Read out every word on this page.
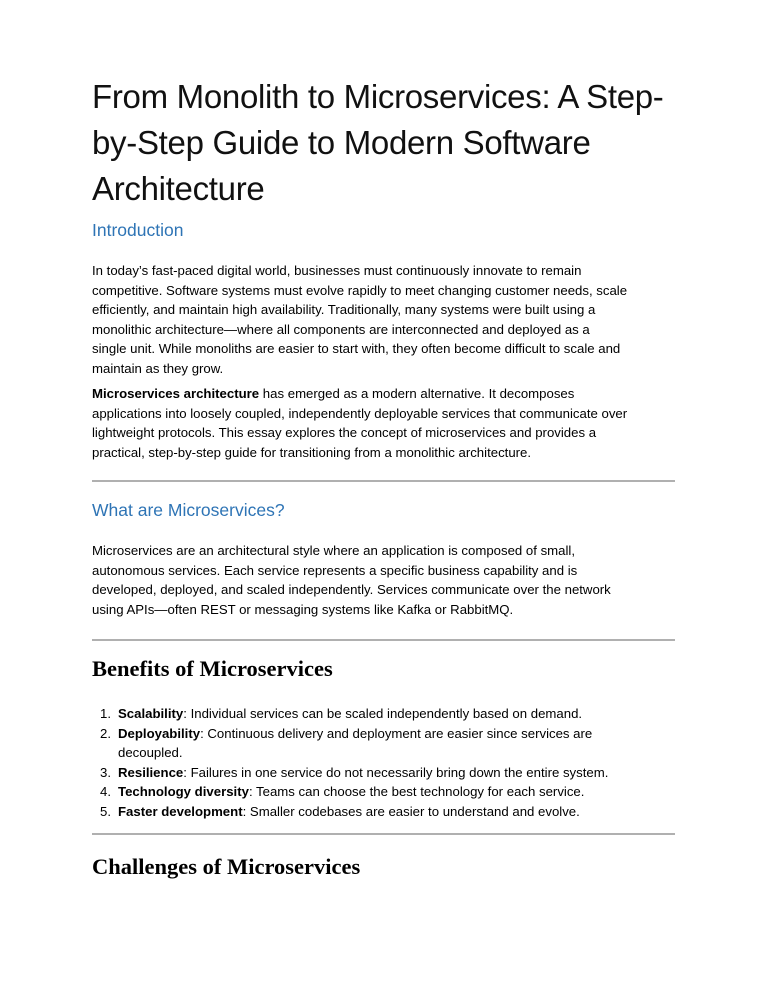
From Monolith to Microservices: A Step-
by-Step Guide to Modern Software
Architecture
Introduction
In today’s fast-paced digital world, businesses must continuously innovate to remain
competitive. Software systems must evolve rapidly to meet changing customer needs, scale
efficiently, and maintain high availability. Traditionally, many systems were built using a
monolithic architecture—where all components are interconnected and deployed as a
single unit. While monoliths are easier to start with, they often become difficult to scale and
maintain as they grow.
Microservices architecture has emerged as a modern alternative. It decomposes
applications into loosely coupled, independently deployable services that communicate over
lightweight protocols. This essay explores the concept of microservices and provides a
practical, step-by-step guide for transitioning from a monolithic architecture.
What are Microservices?
Microservices are an architectural style where an application is composed of small,
autonomous services. Each service represents a specific business capability and is
developed, deployed, and scaled independently. Services communicate over the network
using APIs—often REST or messaging systems like Kafka or RabbitMQ.
Benefits of Microservices
1. Scalability: Individual services can be scaled independently based on demand.
2. Deployability: Continuous delivery and deployment are easier since services are
decoupled.
3. Resilience: Failures in one service do not necessarily bring down the entire system.
4. Technology diversity: Teams can choose the best technology for each service.
5. Faster development: Smaller codebases are easier to understand and evolve.
Challenges of Microservices
